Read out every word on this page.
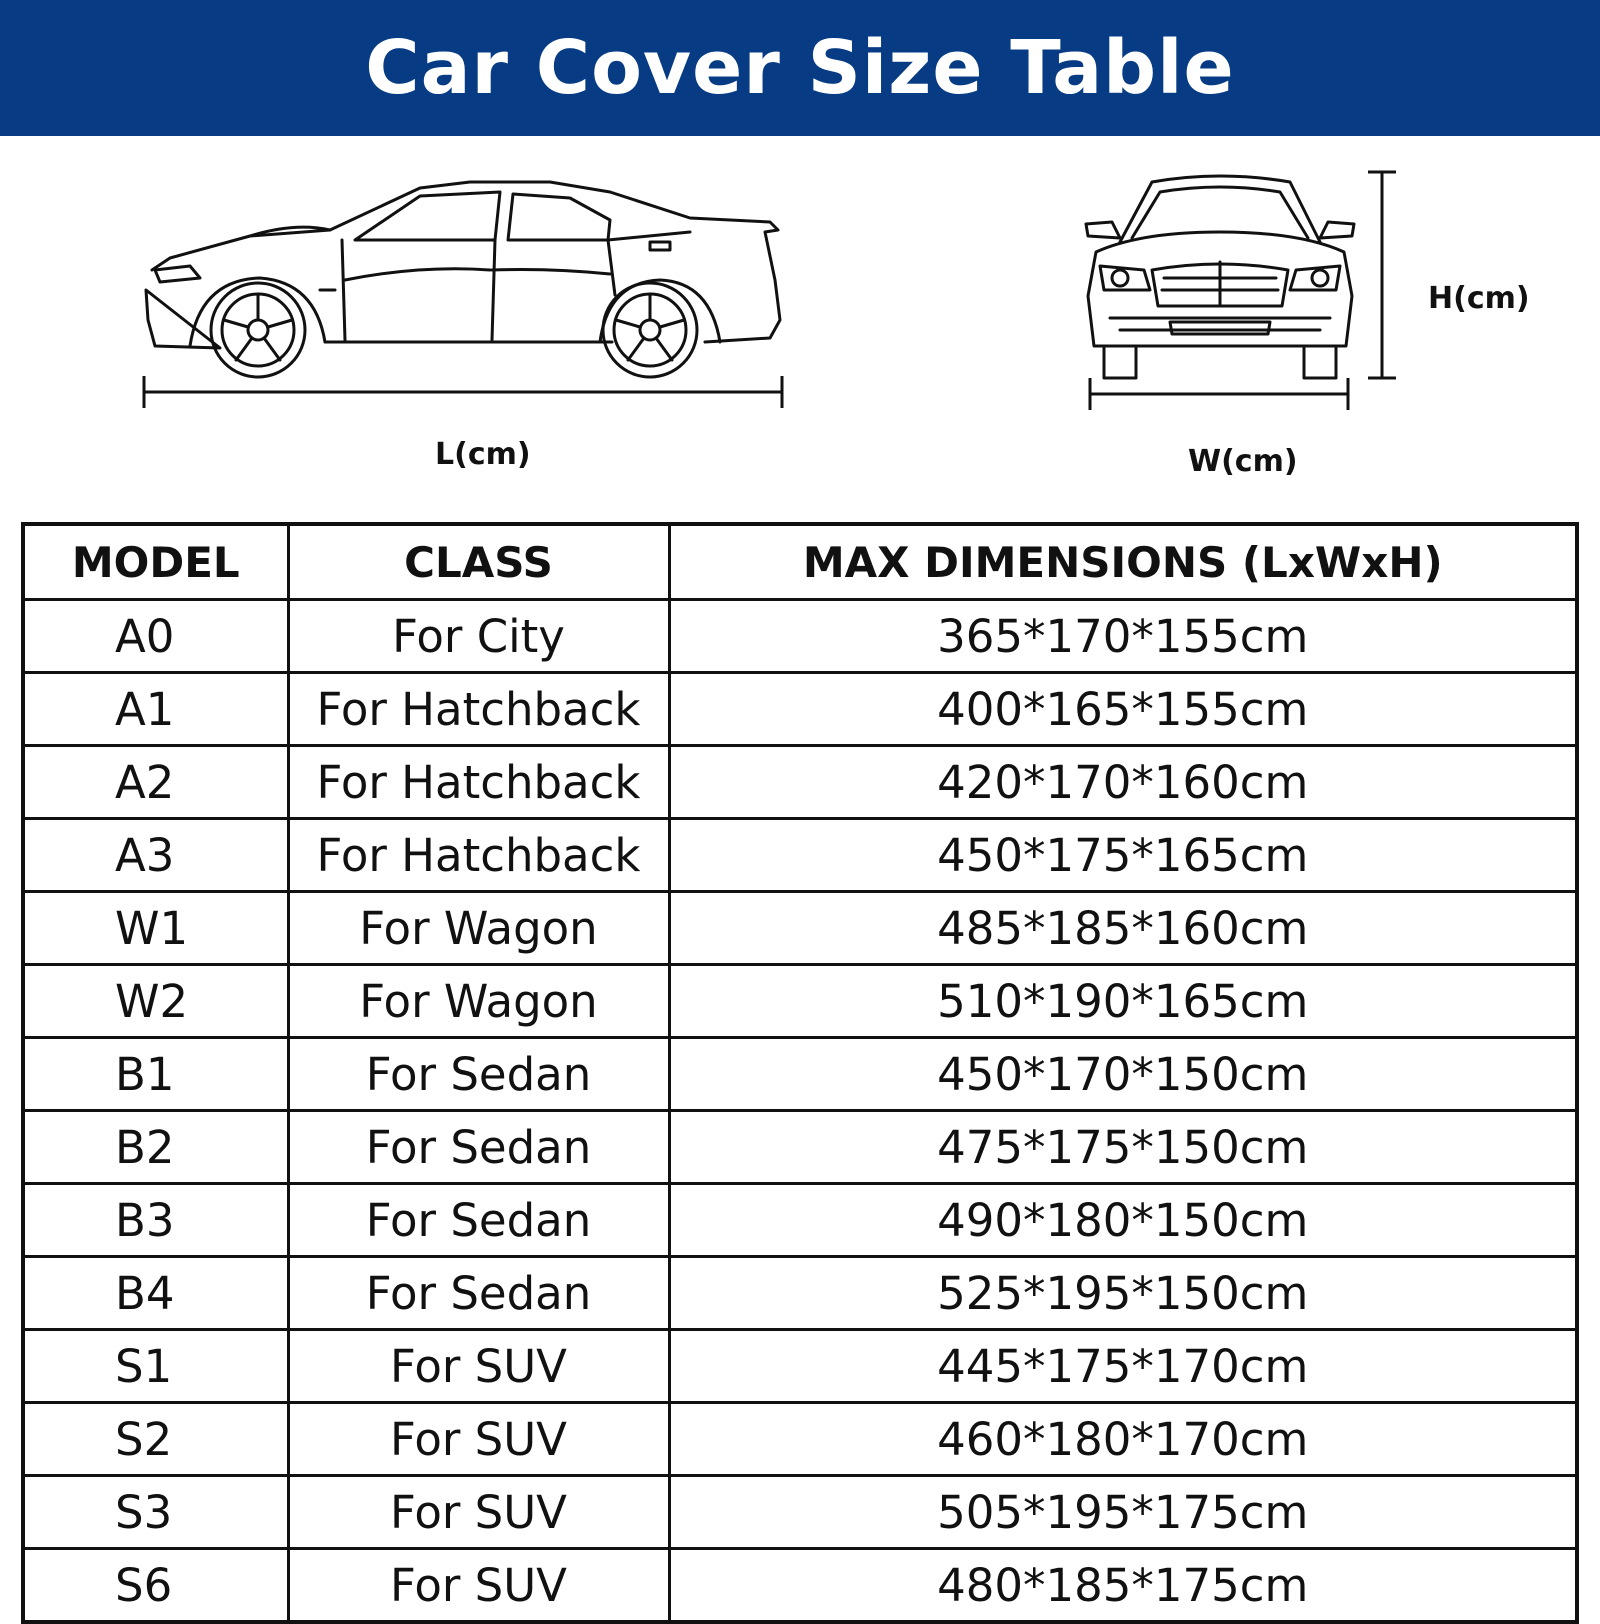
Car Cover Size Table
L(cm)	W(cm)
H(cm)
MODEL	CLASS	MAX DIMENSIONS (LxWxH)
A0	For City	365*170*155cm
A1	For Hatchback	400*165*155cm
A2	For Hatchback	420*170*160cm
A3	For Hatchback	450*175*165cm
W1	For Wagon	485*185*160cm
W2	For Wagon	510*190*165cm
B1	For Sedan	450*170*150cm
B2	For Sedan	475*175*150cm
B3	For Sedan	490*180*150cm
B4	For Sedan	525*195*150cm
S1	For SUV	445*175*170cm
S2	For SUV	460*180*170cm
S3	For SUV	505*195*175cm
S6	For SUV	480*185*175cm
